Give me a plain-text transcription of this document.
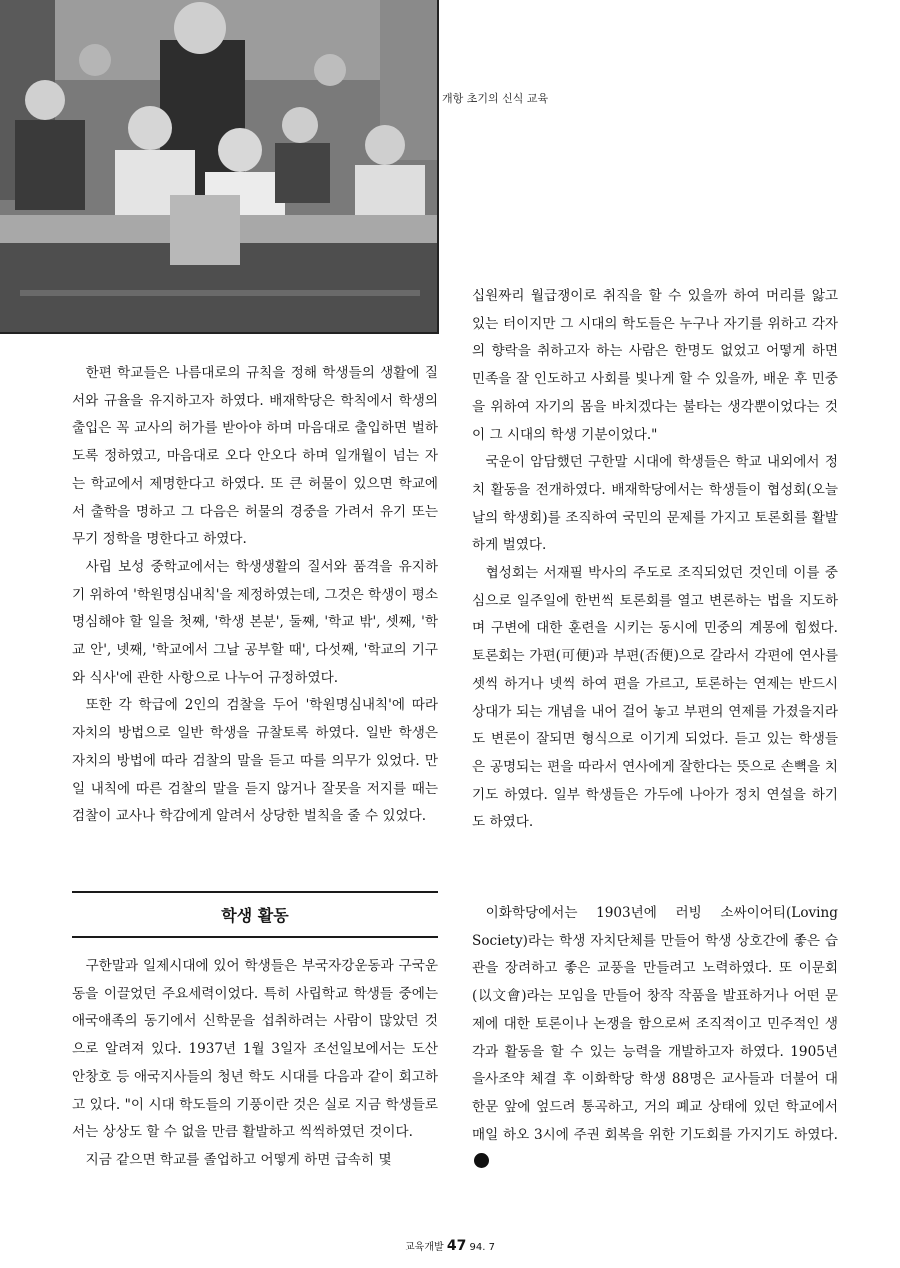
개항 초기의 신식 교육

한편 학교들은 나름대로의 규칙을 정해 학생들의 생활에 질서와 규율을 유지하고자 하였다. 배재학당은 학칙에서 학생의 출입은 꼭 교사의 허가를 받아야 하며 마음대로 출입하면 벌하도록 정하였고, 마음대로 오다 안오다 하며 일개월이 넘는 자는 학교에서 제명한다고 하였다. 또 큰 허물이 있으면 학교에서 출학을 명하고 그 다음은 허물의 경중을 가려서 유기 또는 무기 정학을 명한다고 하였다.

사립 보성 중학교에서는 학생생활의 질서와 품격을 유지하기 위하여 '학원명심내칙'을 제정하였는데, 그것은 학생이 평소 명심해야 할 일을 첫째, '학생 본분', 둘째, '학교 밖', 셋째, '학교 안', 넷째, '학교에서 그날 공부할 때', 다섯째, '학교의 기구와 식사'에 관한 사항으로 나누어 규정하였다.

또한 각 학급에 2인의 검찰을 두어 '학원명심내칙'에 따라 자치의 방법으로 일반 학생을 규찰토록 하였다. 일반 학생은 자치의 방법에 따라 검찰의 말을 듣고 따를 의무가 있었다. 만일 내칙에 따른 검찰의 말을 듣지 않거나 잘못을 저지를 때는 검찰이 교사나 학감에게 알려서 상당한 벌칙을 줄 수 있었다.

학생 활동

구한말과 일제시대에 있어 학생들은 부국자강운동과 구국운동을 이끌었던 주요세력이었다. 특히 사립학교 학생들 중에는 애국애족의 동기에서 신학문을 섭취하려는 사람이 많았던 것으로 알려져 있다. 1937년 1월 3일자 조선일보에서는 도산 안창호 등 애국지사들의 청년 학도 시대를 다음과 같이 회고하고 있다. "이 시대 학도들의 기풍이란 것은 실로 지금 학생들로서는 상상도 할 수 없을 만큼 활발하고 씩씩하였던 것이다.

지금 같으면 학교를 졸업하고 어떻게 하면 급속히 몇

십원짜리 월급쟁이로 취직을 할 수 있을까 하여 머리를 앓고 있는 터이지만 그 시대의 학도들은 누구나 자기를 위하고 각자의 향락을 취하고자 하는 사람은 한명도 없었고 어떻게 하면 민족을 잘 인도하고 사회를 빛나게 할 수 있을까, 배운 후 민중을 위하여 자기의 몸을 바치겠다는 불타는 생각뿐이었다는 것이 그 시대의 학생 기분이었다."

국운이 암담했던 구한말 시대에 학생들은 학교 내외에서 정치 활동을 전개하였다. 배재학당에서는 학생들이 협성회(오늘날의 학생회)를 조직하여 국민의 문제를 가지고 토론회를 활발하게 벌였다.

협성회는 서재필 박사의 주도로 조직되었던 것인데 이를 중심으로 일주일에 한번씩 토론회를 열고 변론하는 법을 지도하며 구변에 대한 훈련을 시키는 동시에 민중의 계몽에 힘썼다. 토론회는 가편(可便)과 부편(否便)으로 갈라서 각편에 연사를 셋씩 하거나 넷씩 하여 편을 가르고, 토론하는 연제는 반드시 상대가 되는 개념을 내어 걸어 놓고 부편의 연제를 가졌을지라도 변론이 잘되면 형식으로 이기게 되었다. 듣고 있는 학생들은 공명되는 편을 따라서 연사에게 잘한다는 뜻으로 손뼉을 치기도 하였다. 일부 학생들은 가두에 나아가 정치 연설을 하기도 하였다.

이화학당에서는 1903년에 러빙 소싸이어티(Loving Society)라는 학생 자치단체를 만들어 학생 상호간에 좋은 습관을 장려하고 좋은 교풍을 만들려고 노력하였다. 또 이문회(以文會)라는 모임을 만들어 창작 작품을 발표하거나 어떤 문제에 대한 토론이나 논쟁을 함으로써 조직적이고 민주적인 생각과 활동을 할 수 있는 능력을 개발하고자 하였다. 1905년 을사조약 체결 후 이화학당 학생 88명은 교사들과 더불어 대한문 앞에 엎드려 통곡하고, 거의 폐교 상태에 있던 학교에서 매일 하오 3시에 주권 회복을 위한 기도회를 가지기도 하였다.

교육개발 47 94. 7
